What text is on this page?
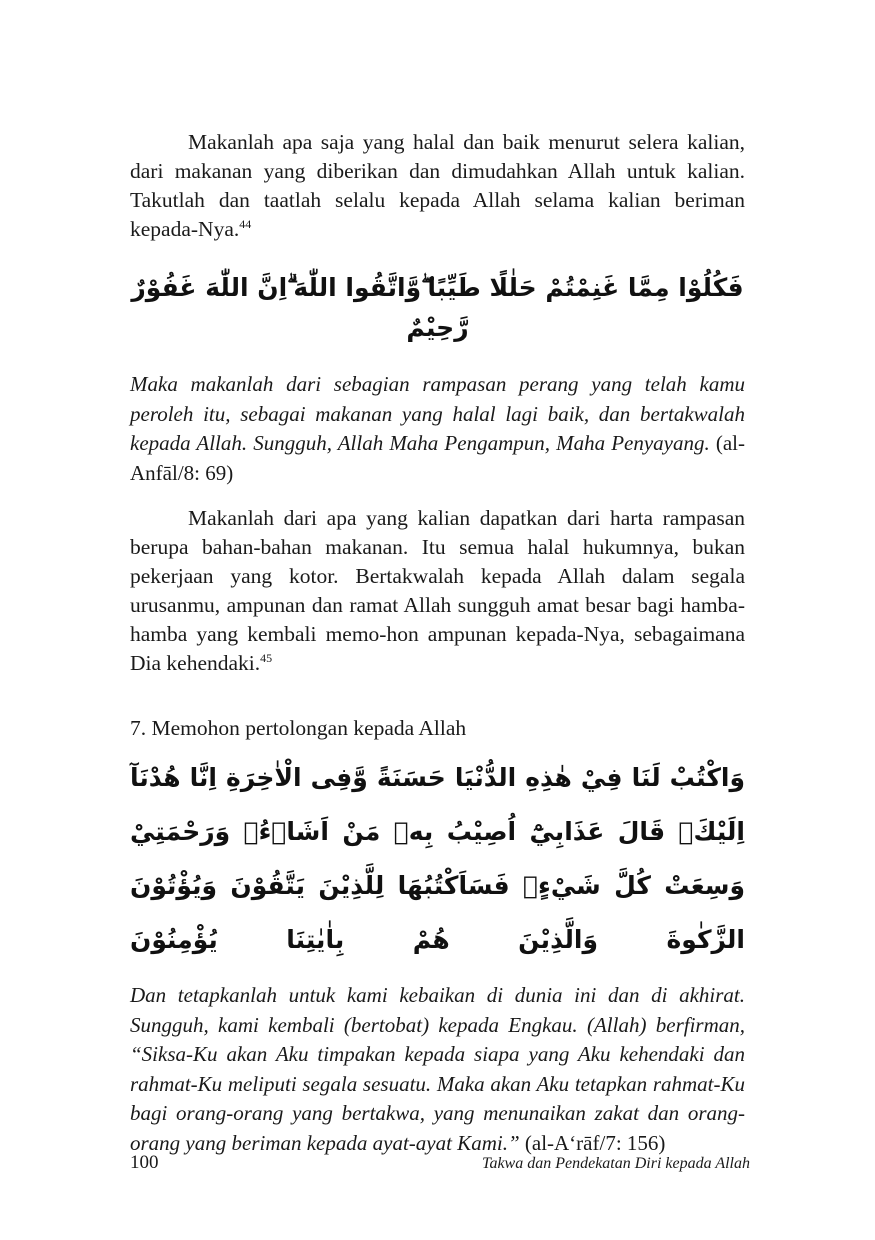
Makanlah apa saja yang halal dan baik menurut selera kalian, dari makanan yang diberikan dan dimudahkan Allah untuk kalian. Takutlah dan taatlah selalu kepada Allah selama kalian beriman kepada-Nya.$^{44}$

فَكُلُوْا مِمَّا غَنِمْتُمْ حَلٰلًا طَيِّبًا ۖوَّاتَّقُوا اللّٰهَ ۗاِنَّ اللّٰهَ غَفُوْرٌ رَّحِيْمٌ

Maka makanlah dari sebagian rampasan perang yang telah kamu peroleh itu, sebagai makanan yang halal lagi baik, dan bertakwalah kepada Allah. Sungguh, Allah Maha Pengampun, Maha Penyayang. (al-Anfāl/8: 69)

Makanlah dari apa yang kalian dapatkan dari harta rampasan berupa bahan-bahan makanan. Itu semua halal hukumnya, bukan pekerjaan yang kotor. Bertakwalah kepada Allah dalam segala urusanmu, ampunan dan ramat Allah sungguh amat besar bagi hamba-hamba yang kembali memo-hon ampunan kepada-Nya, sebagaimana Dia kehendaki.$^{45}$

7. Memohon pertolongan kepada Allah

وَاكْتُبْ لَنَا فِيْ هٰذِهِ الدُّنْيَا حَسَنَةً وَّفِى الْاٰخِرَةِ اِنَّا هُدْنَآ اِلَيْكَۗ قَالَ عَذَابِيْٓ اُصِيْبُ بِهٖ مَنْ اَشَاۤءُۚ وَرَحْمَتِيْ وَسِعَتْ كُلَّ شَيْءٍۗ فَسَاَكْتُبُهَا لِلَّذِيْنَ يَتَّقُوْنَ وَيُؤْتُوْنَ الزَّكٰوةَ وَالَّذِيْنَ هُمْ بِاٰيٰتِنَا يُؤْمِنُوْنَ

Dan tetapkanlah untuk kami kebaikan di dunia ini dan di akhirat. Sungguh, kami kembali (bertobat) kepada Engkau. (Allah) berfirman, “Siksa-Ku akan Aku timpakan kepada siapa yang Aku kehendaki dan rahmat-Ku meliputi segala sesuatu. Maka akan Aku tetapkan rahmat-Ku bagi orang-orang yang bertakwa, yang menunaikan zakat dan orang-orang yang beriman kepada ayat-ayat Kami.” (al-A‘rāf/7: 156)

100	Takwa dan Pendekatan Diri kepada Allah
